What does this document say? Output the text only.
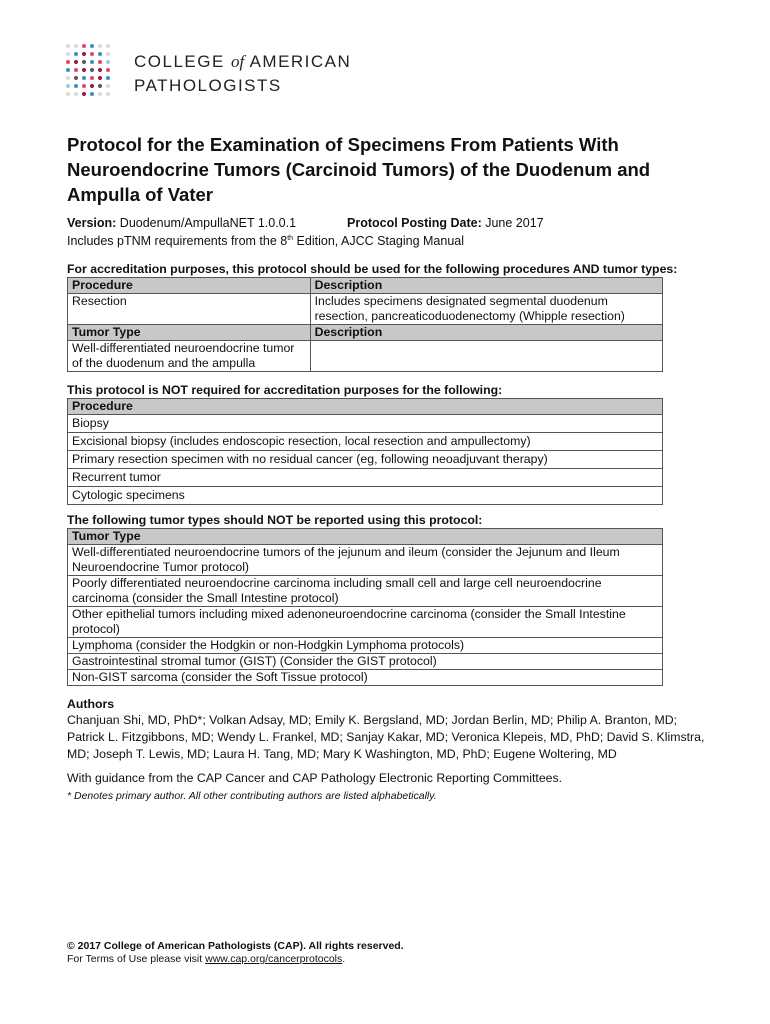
COLLEGE of AMERICAN
PATHOLOGISTS
Protocol for the Examination of Specimens From Patients With Neuroendocrine Tumors (Carcinoid Tumors) of the Duodenum and Ampulla of Vater
Version: Duodenum/AmpullaNET 1.0.0.1	Protocol Posting Date: June 2017
Includes pTNM requirements from the 8th Edition, AJCC Staging Manual
For accreditation purposes, this protocol should be used for the following procedures AND tumor types:
Procedure	Description
Resection	Includes specimens designated segmental duodenum resection, pancreaticoduodenectomy (Whipple resection)
Tumor Type	Description
Well-differentiated neuroendocrine tumor of the duodenum and the ampulla	
This protocol is NOT required for accreditation purposes for the following:
Procedure
Biopsy
Excisional biopsy (includes endoscopic resection, local resection and ampullectomy)
Primary resection specimen with no residual cancer (eg, following neoadjuvant therapy)
Recurrent tumor
Cytologic specimens
The following tumor types should NOT be reported using this protocol:
Tumor Type
Well-differentiated neuroendocrine tumors of the jejunum and ileum (consider the Jejunum and Ileum Neuroendocrine Tumor protocol)
Poorly differentiated neuroendocrine carcinoma including small cell and large cell neuroendocrine carcinoma (consider the Small Intestine protocol)
Other epithelial tumors including mixed adenoneuroendocrine carcinoma (consider the Small Intestine protocol)
Lymphoma (consider the Hodgkin or non-Hodgkin Lymphoma protocols)
Gastrointestinal stromal tumor (GIST) (Consider the GIST protocol)
Non-GIST sarcoma (consider the Soft Tissue protocol)
Authors
Chanjuan Shi, MD, PhD*; Volkan Adsay, MD; Emily K. Bergsland, MD; Jordan Berlin, MD; Philip A. Branton, MD; Patrick L. Fitzgibbons, MD; Wendy L. Frankel, MD; Sanjay Kakar, MD; Veronica Klepeis, MD, PhD; David S. Klimstra, MD; Joseph T. Lewis, MD; Laura H. Tang, MD; Mary K Washington, MD, PhD; Eugene Woltering, MD
With guidance from the CAP Cancer and CAP Pathology Electronic Reporting Committees.
* Denotes primary author. All other contributing authors are listed alphabetically.
© 2017 College of American Pathologists (CAP). All rights reserved.
For Terms of Use please visit www.cap.org/cancerprotocols.
